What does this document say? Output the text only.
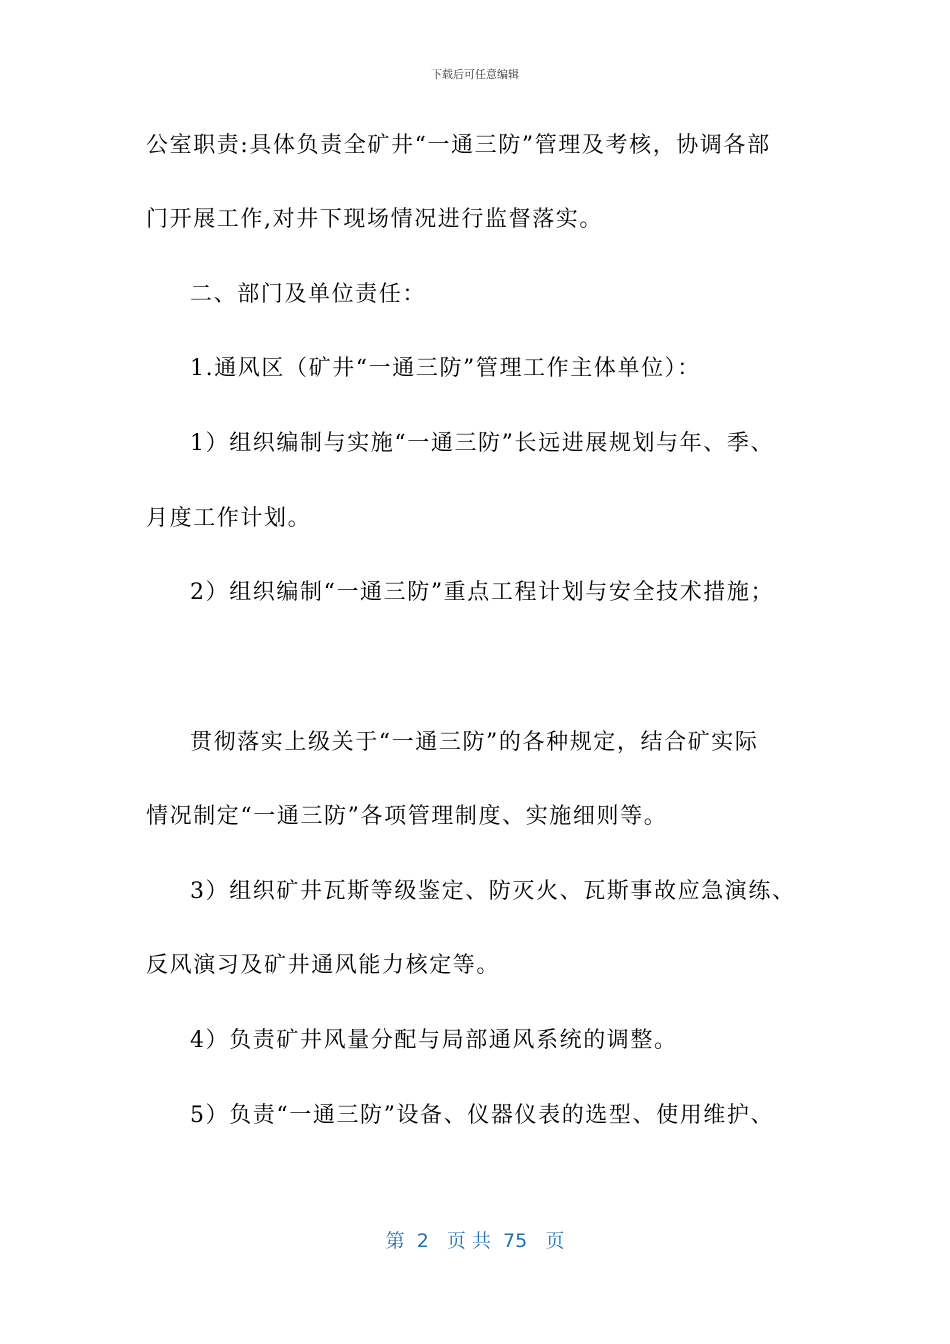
下载后可任意编辑
公室职责:具体负责全矿井“一通三防”管理及考核，协调各部
门开展工作,对井下现场情况进行监督落实。
二、部门及单位责任：
1.通风区（矿井“一通三防”管理工作主体单位）：
1）组织编制与实施“一通三防”长远进展规划与年、季、
月度工作计划。
2）组织编制“一通三防”重点工程计划与安全技术措施；
贯彻落实上级关于“一通三防”的各种规定，结合矿实际
情况制定“一通三防”各项管理制度、实施细则等。
3）组织矿井瓦斯等级鉴定、防灭火、瓦斯事故应急演练、
反风演习及矿井通风能力核定等。
4）负责矿井风量分配与局部通风系统的调整。
5）负责“一通三防”设备、仪器仪表的选型、使用维护、
第  2   页 共  75   页
